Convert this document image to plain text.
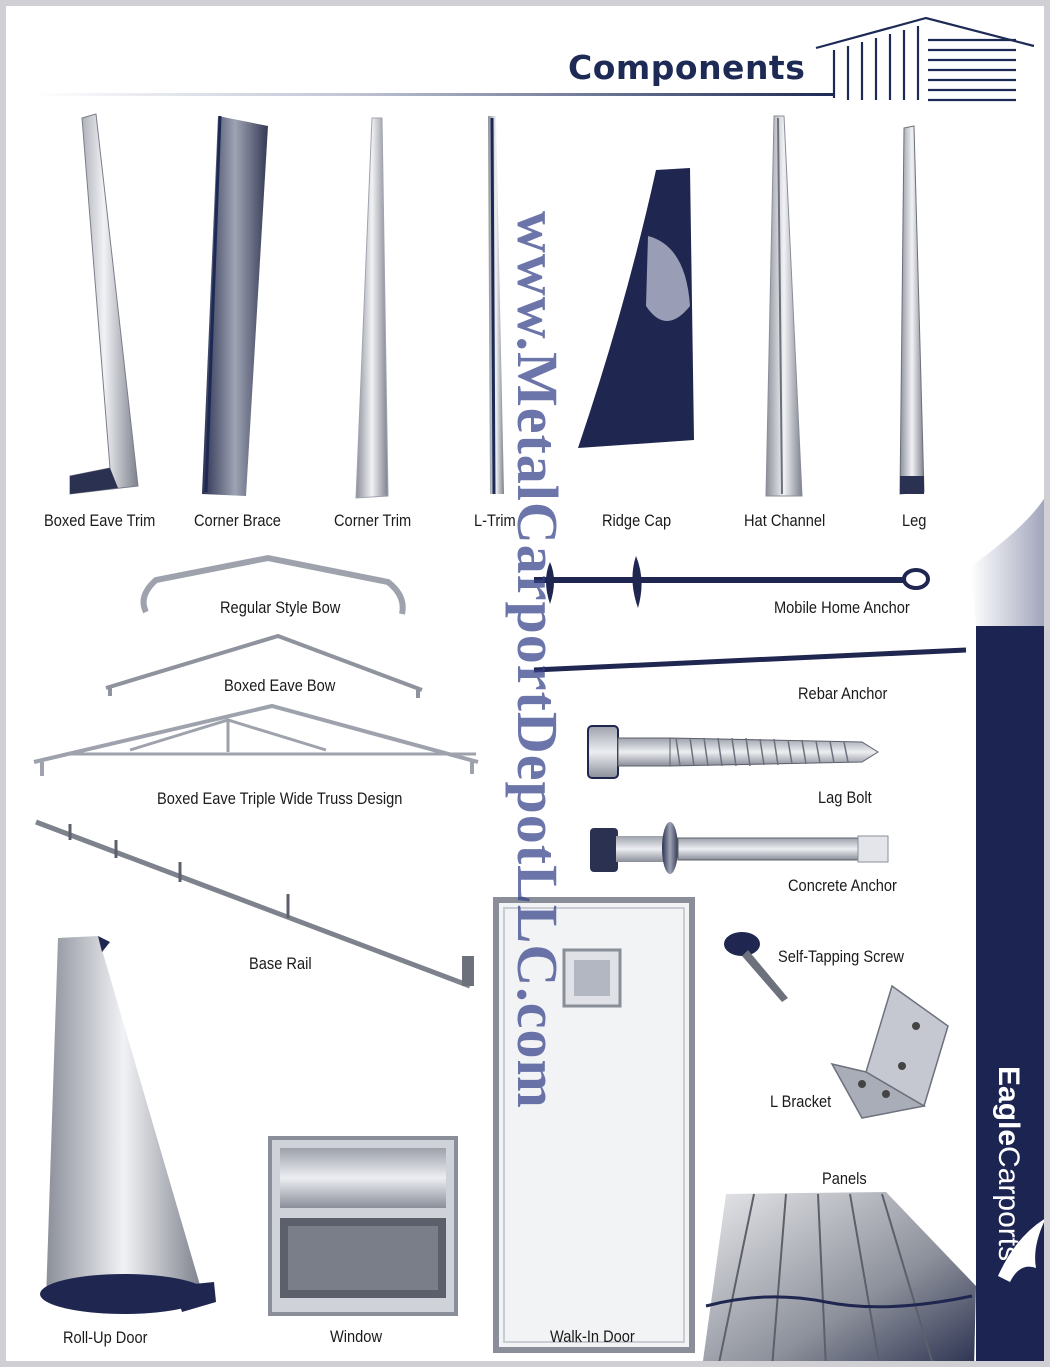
Components
Boxed Eave Trim Corner Brace	Corner Trim	L-Trim	Ridge Cap	Hat Channel	Leg
Regular Style Bow	Mobile Home Anchor
Boxed Eave Bow	Rebar Anchor
Boxed Eave Triple Wide Truss Design	Lag Bolt
Concrete Anchor
Base Rail	Self-Tapping Screw
L Bracket
Panels
Roll-Up Door	Window	Walk-In Door
www.MetalCarportDepotLLC.com	EagleCarports
